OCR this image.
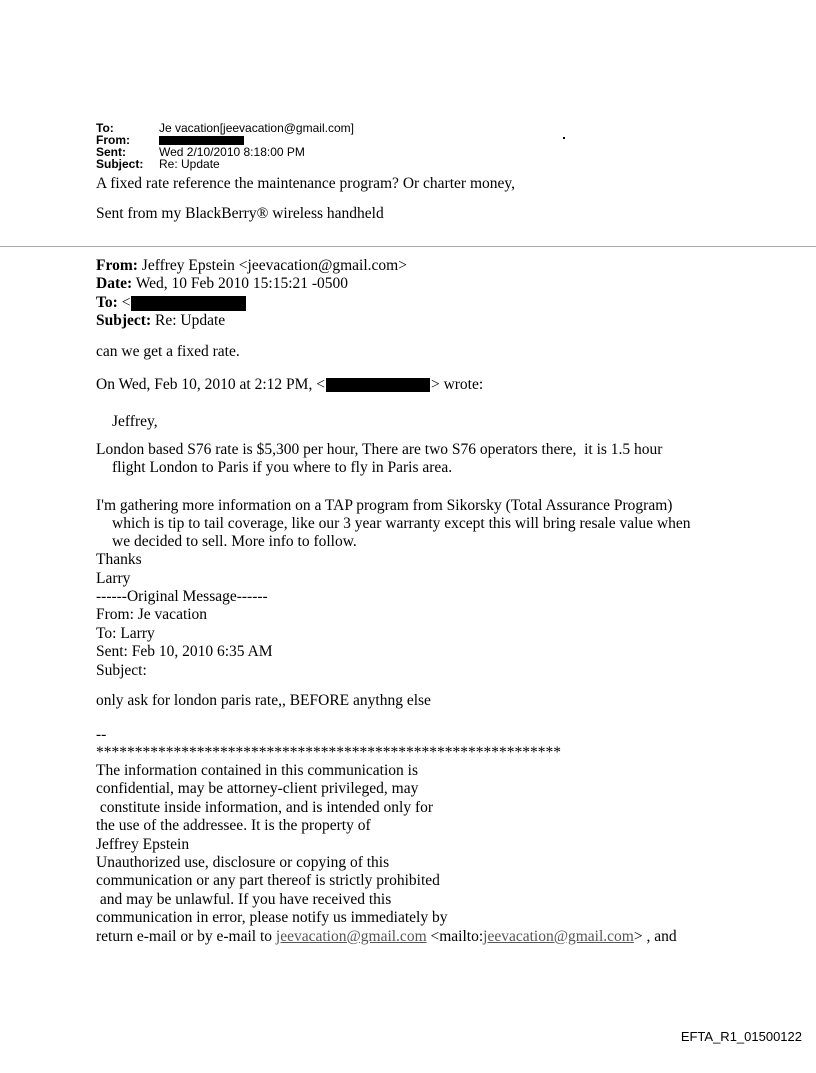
To:	Je vacation[jeevacation@gmail.com]
From:
Sent:	Wed 2/10/2010 8:18:00 PM
Subject: Re: Update
A fixed rate reference the maintenance program? Or charter money,
Sent from my BlackBerry® wireless handheld
From: Jeffrey Epstein <jeevacation@gmail.com>
Date: Wed, 10 Feb 2010 15:15:21 -0500
To: <
Subject: Re: Update
can we get a fixed rate.
On Wed, Feb 10, 2010 at 2:12 PM, <	> wrote:
Jeffrey,
London based S76 rate is $5,300 per hour, There are two S76 operators there,  it is 1.5 hour
flight London to Paris if you where to fly in Paris area.
I'm gathering more information on a TAP program from Sikorsky (Total Assurance Program)
which is tip to tail coverage, like our 3 year warranty except this will bring resale value when
we decided to sell. More info to follow.
Thanks
Larry
------Original Message------
From: Je vacation
To: Larry
Sent: Feb 10, 2010 6:35 AM
Subject:
only ask for london paris rate,, BEFORE anythng else
--
************************************************************
The information contained in this communication is
confidential, may be attorney-client privileged, may
constitute inside information, and is intended only for
the use of the addressee. It is the property of
Jeffrey Epstein
Unauthorized use, disclosure or copying of this
communication or any part thereof is strictly prohibited
and may be unlawful. If you have received this
communication in error, please notify us immediately by
return e-mail or by e-mail to jeevacation@gmail.com <mailto:jeevacation@gmail.com> , and
EFTA_R1_01500122
